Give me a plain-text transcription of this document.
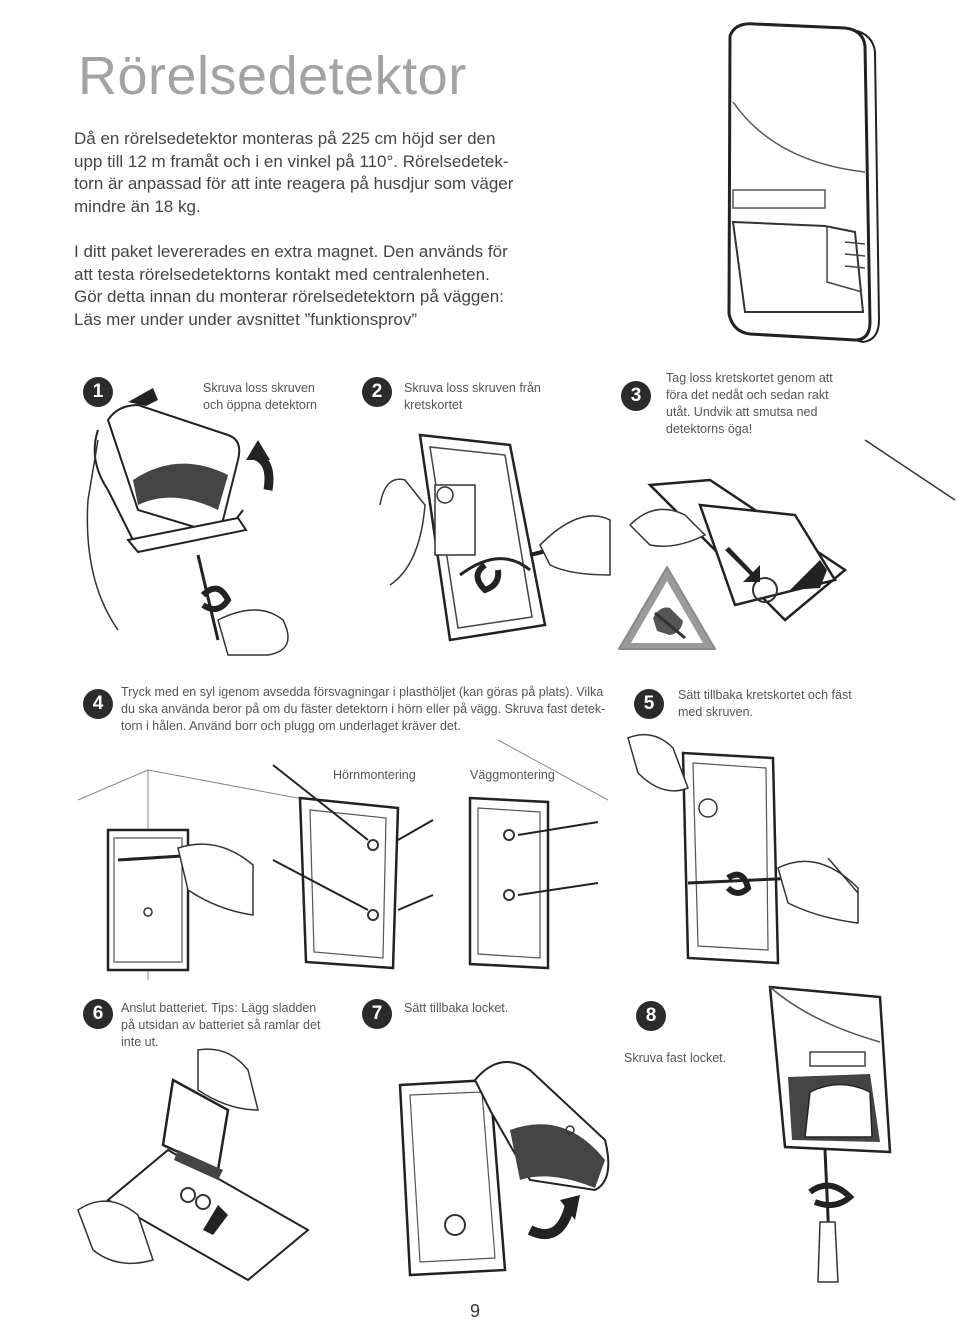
Rörelsedetektor
Då en rörelsedetektor monteras på 225 cm höjd ser den
upp till 12 m framåt och i en vinkel på 110°. Rörelsedetek-
torn är anpassad för att inte reagera på husdjur som väger
mindre än 18 kg.
I ditt paket levererades en extra magnet. Den används för
att testa rörelsedetektorns kontakt med centralenheten.
Gör detta innan du monterar rörelsedetektorn på väggen:
Läs mer under under avsnittet ”funktionsprov”
1	Skruva loss skruven
och öppna detektorn
2	Skruva loss skruven från
kretskortet	3
Tag loss kretskortet genom att
föra det nedåt och sedan rakt
utåt. Undvik att smutsa ned
detektorns öga!
4
Tryck med en syl igenom avsedda försvagningar i plasthöljet (kan göras på plats). Vilka
du ska använda beror på om du fäster detektorn i hörn eller på vägg. Skruva fast detek-
torn i hålen. Använd borr och plugg om underlaget kräver det.
Hörnmontering	Väggmontering
5	Sätt tillbaka kretskortet och fäst
med skruven.
6	Anslut batteriet. Tips: Lägg sladden
på utsidan av batteriet så ramlar det
inte ut.
7	Sätt tillbaka locket.	8
Skruva fast locket.
9
